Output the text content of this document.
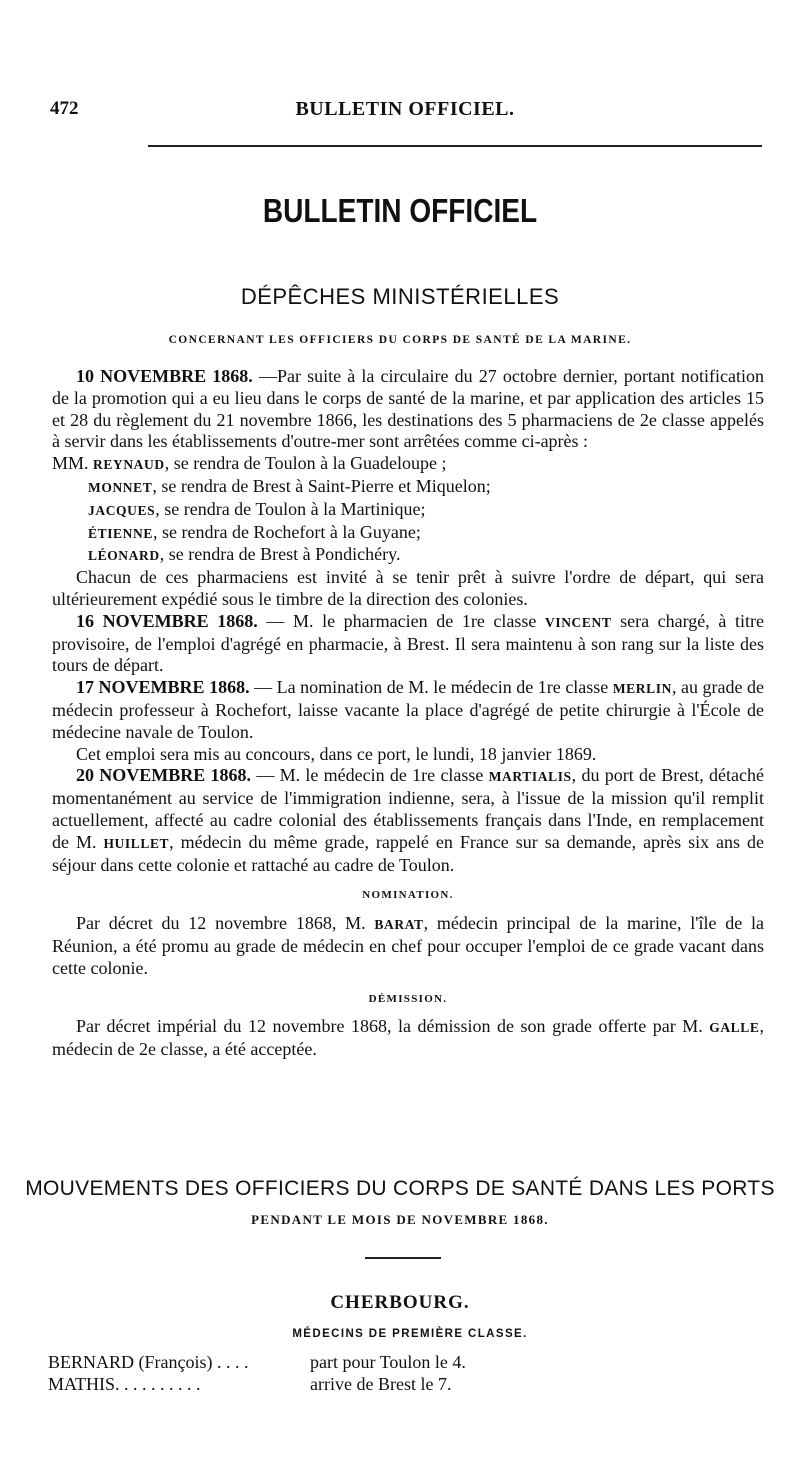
472	BULLETIN OFFICIEL.
BULLETIN OFFICIEL
DÉPÊCHES MINISTÉRIELLES
CONCERNANT LES OFFICIERS DU CORPS DE SANTÉ DE LA MARINE.

10 NOVEMBRE 1868. —Par suite à la circulaire du 27 octobre dernier, portant notification de la promotion qui a eu lieu dans le corps de santé de la marine, et par application des articles 15 et 28 du règlement du 21 novembre 1866, les destinations des 5 pharmaciens de 2e classe appelés à servir dans les établissements d'outre-mer sont arrêtées comme ci-après :

MM. REYNAUD, se rendra de Toulon à la Guadeloupe ;

MONNET, se rendra de Brest à Saint-Pierre et Miquelon;

JACQUES, se rendra de Toulon à la Martinique;

ÉTIENNE, se rendra de Rochefort à la Guyane;

LÉONARD, se rendra de Brest à Pondichéry.

Chacun de ces pharmaciens est invité à se tenir prêt à suivre l'ordre de départ, qui sera ultérieurement expédié sous le timbre de la direction des colonies.

16 NOVEMBRE 1868. — M. le pharmacien de 1re classe VINCENT sera chargé, à titre provisoire, de l'emploi d'agrégé en pharmacie, à Brest. Il sera maintenu à son rang sur la liste des tours de départ.

17 NOVEMBRE 1868. — La nomination de M. le médecin de 1re classe MERLIN, au grade de médecin professeur à Rochefort, laisse vacante la place d'agrégé de petite chirurgie à l'École de médecine navale de Toulon.

Cet emploi sera mis au concours, dans ce port, le lundi, 18 janvier 1869.

20 NOVEMBRE 1868. — M. le médecin de 1re classe MARTIALIS, du port de Brest, détaché momentanément au service de l'immigration indienne, sera, à l'issue de la mission qu'il remplit actuellement, affecté au cadre colonial des établissements français dans l'Inde, en remplacement de M. HUILLET, médecin du même grade, rappelé en France sur sa demande, après six ans de séjour dans cette colonie et rattaché au cadre de Toulon.

NOMINATION.

Par décret du 12 novembre 1868, M. BARAT, médecin principal de la marine, l'île de la Réunion, a été promu au grade de médecin en chef pour occuper l'emploi de ce grade vacant dans cette colonie.

DÉMISSION.

Par décret impérial du 12 novembre 1868, la démission de son grade offerte par M. GALLE, médecin de 2e classe, a été acceptée.

MOUVEMENTS DES OFFICIERS DU CORPS DE SANTÉ DANS LES PORTS
PENDANT LE MOIS DE NOVEMBRE 1868.
CHERBOURG.
MÉDECINS DE PREMIÈRE CLASSE.
BERNARD (François) . . . .	part pour Toulon le 4.
MATHIS. . . . . . . . . .	arrive de Brest le 7.
